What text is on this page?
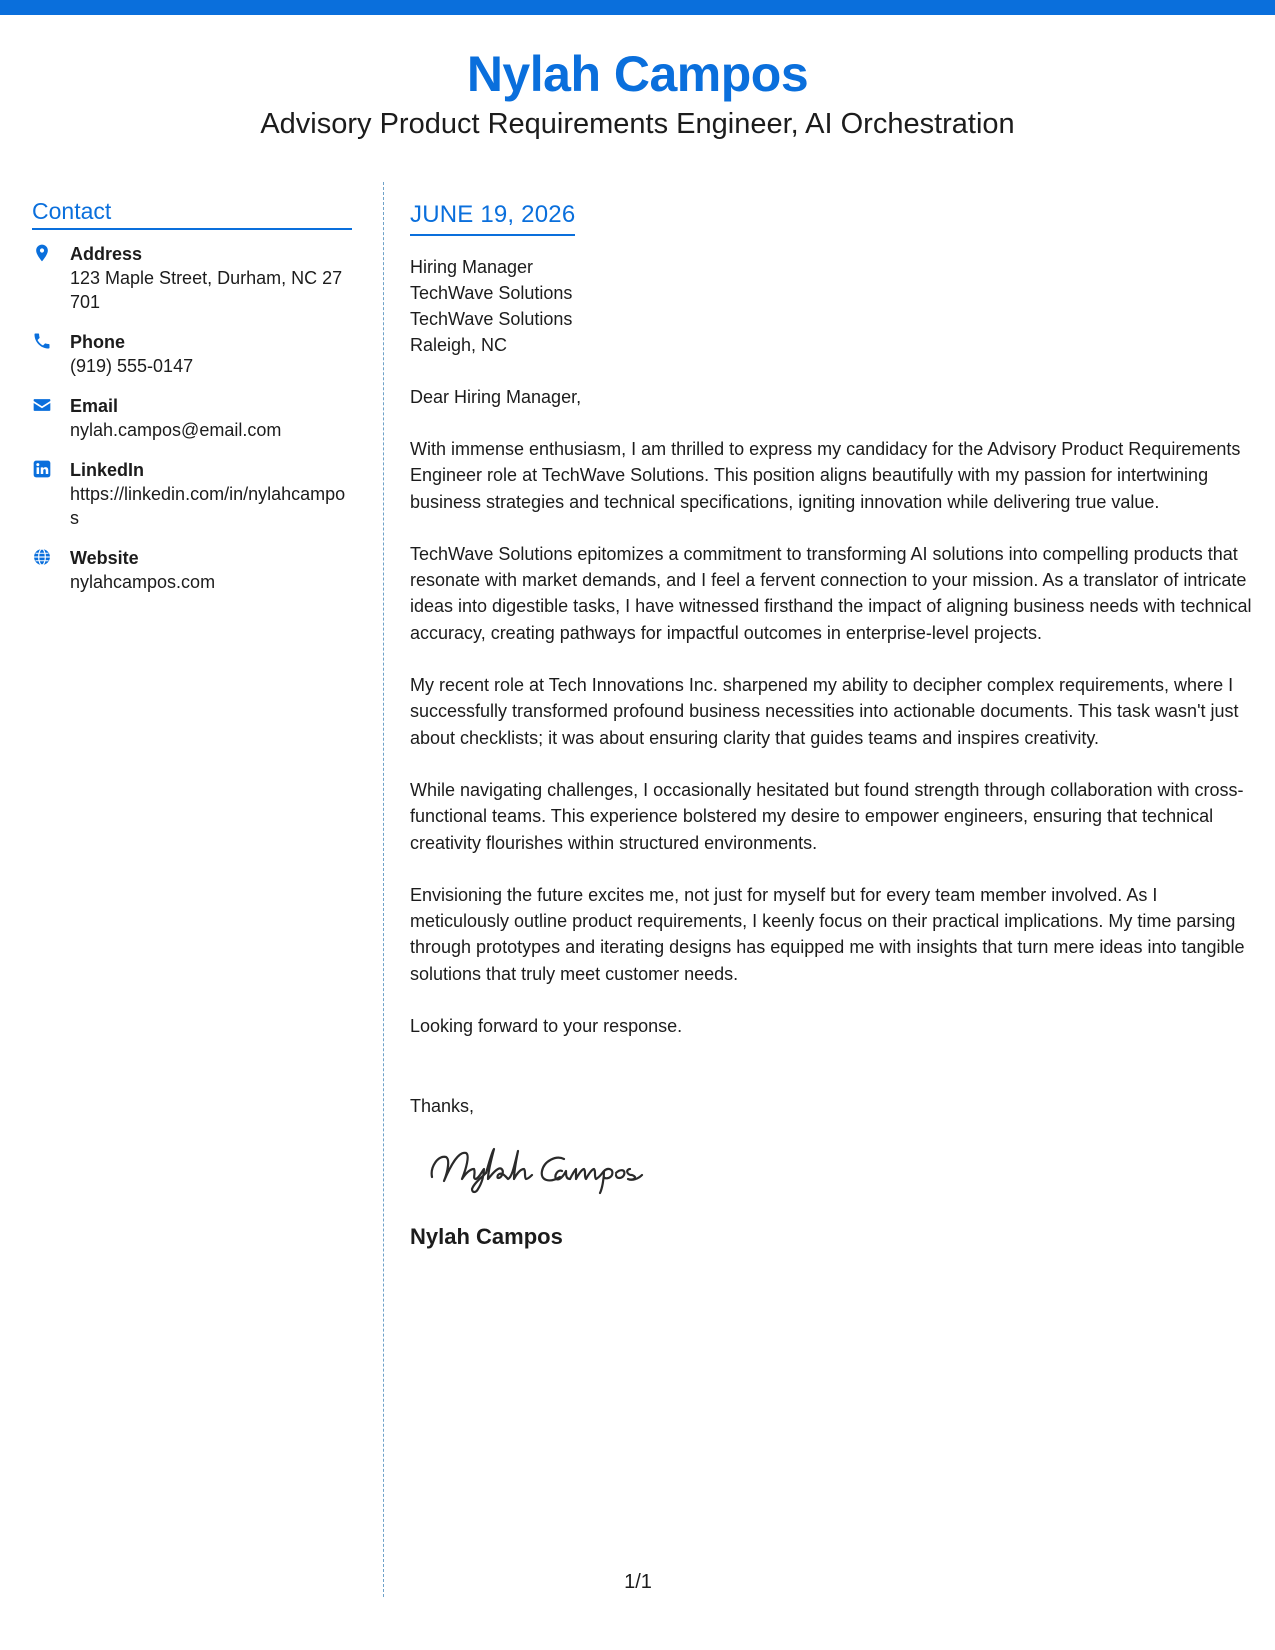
Nylah Campos
Advisory Product Requirements Engineer, AI Orchestration
Contact
Address
123 Maple Street, Durham, NC 27701
Phone
(919) 555-0147
Email
nylah.campos@email.com
LinkedIn
https://linkedin.com/in/nylahcampos
Website
nylahcampos.com
JUNE 19, 2026
Hiring Manager
TechWave Solutions
TechWave Solutions
Raleigh, NC
Dear Hiring Manager,

With immense enthusiasm, I am thrilled to express my candidacy for the Advisory Product Requirements Engineer role at TechWave Solutions. This position aligns beautifully with my passion for intertwining business strategies and technical specifications, igniting innovation while delivering true value.

TechWave Solutions epitomizes a commitment to transforming AI solutions into compelling products that resonate with market demands, and I feel a fervent connection to your mission. As a translator of intricate ideas into digestible tasks, I have witnessed firsthand the impact of aligning business needs with technical accuracy, creating pathways for impactful outcomes in enterprise-level projects.

My recent role at Tech Innovations Inc. sharpened my ability to decipher complex requirements, where I successfully transformed profound business necessities into actionable documents. This task wasn't just about checklists; it was about ensuring clarity that guides teams and inspires creativity.

While navigating challenges, I occasionally hesitated but found strength through collaboration with cross-functional teams. This experience bolstered my desire to empower engineers, ensuring that technical creativity flourishes within structured environments.

Envisioning the future excites me, not just for myself but for every team member involved. As I meticulously outline product requirements, I keenly focus on their practical implications. My time parsing through prototypes and iterating designs has equipped me with insights that turn mere ideas into tangible solutions that truly meet customer needs.

Looking forward to your response.
Thanks,
Nylah Campos
1/1
